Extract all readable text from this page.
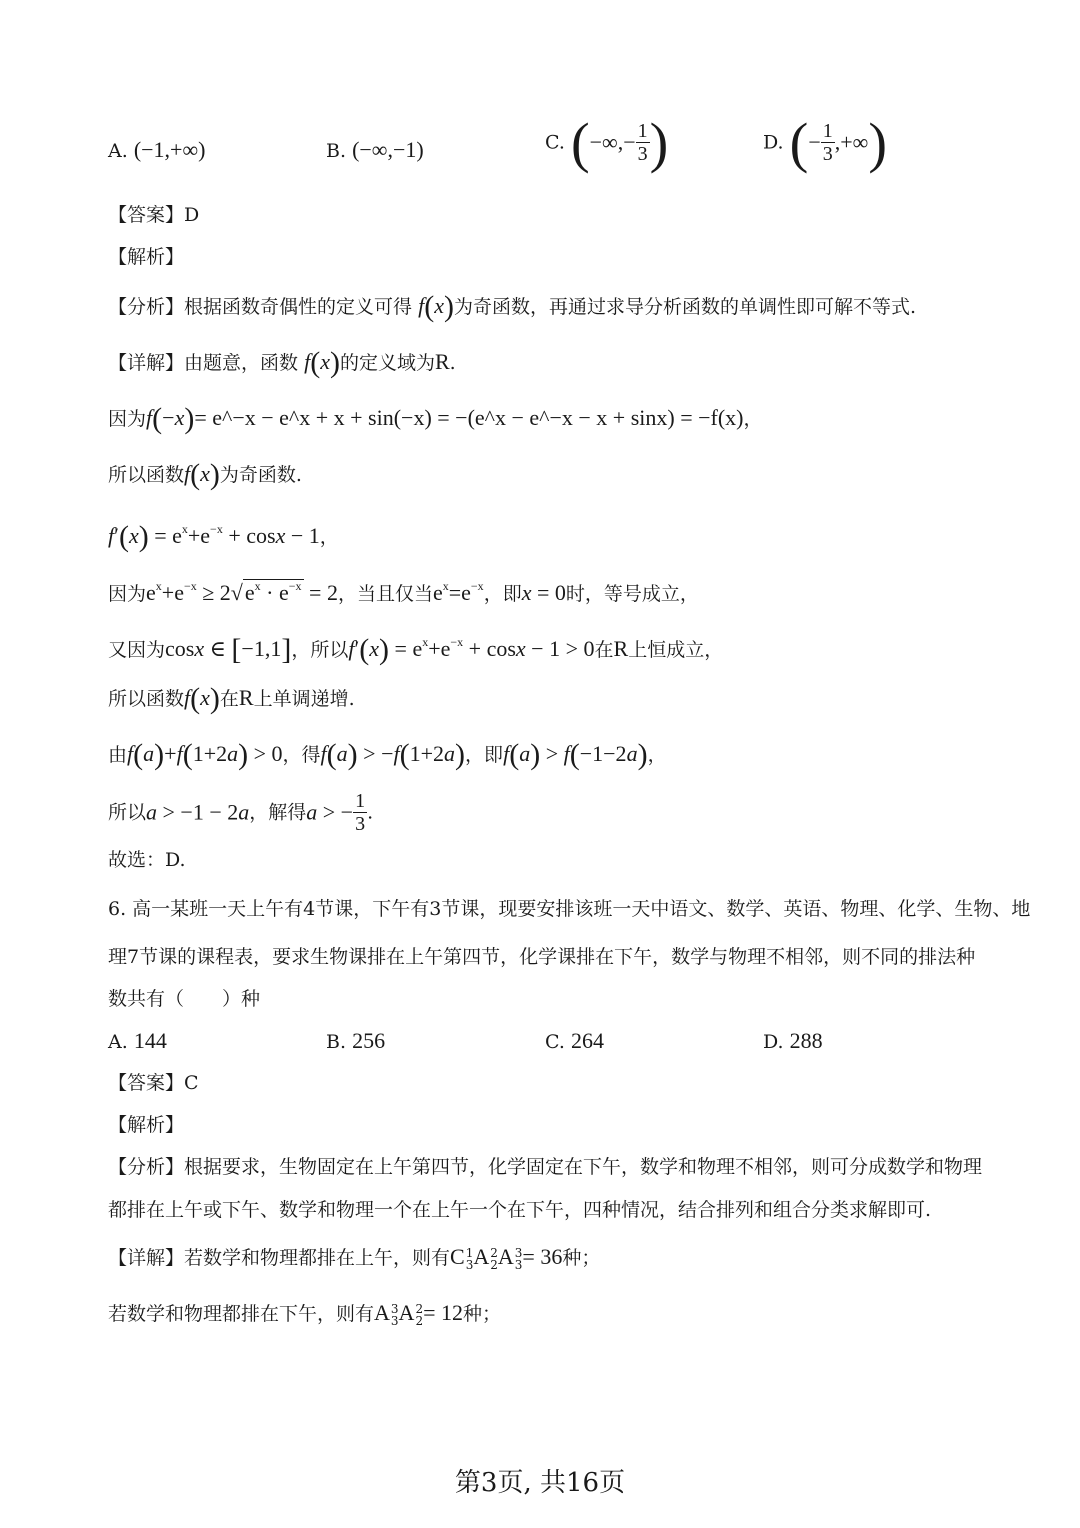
A. (−1,+∞)	B. (−∞,−1)	C. (−∞,− $\frac{1}{3}$ )	D. (− $\frac{1}{3}$ ,+∞)
【答案】D
【解析】
【分析】根据函数奇偶性的定义可得 f(x)为奇函数，再通过求导分析函数的单调性即可解不等式.
【详解】由题意，函数 f(x)的定义域为R.
因为f(−x)= e^−x − e^x + x + sin(−x) = −(e^x − e^−x − x + sinx) = −f(x)，
所以函数f(x)为奇函数.
$f'(x) = e^x+e^{-x} + \cos x - 1$，
因为$e^x+e^{-x} \ge 2√e^x \cdot e^{-x} = 2$，当且仅当$e^x=e^{-x}$，即x = 0时，等号成立，
又因为cosx ∈ [−1,1]，所以$f'(x) = e^x+e^{-x} + \cos x - 1 > 0$在R上恒成立，
所以函数f(x)在R上单调递增.
由f(a)+f(1+2a) > 0，得f(a) > −f(1+2a)，即f(a) > f(−1−2a)，
所以a > −1 − 2a，解得a > − $\frac{1}{3}$ .
故选：D.
6. 高一某班一天上午有4节课，下午有3节课，现要安排该班一天中语文、数学、英语、物理、化学、生物、地
理7节课的课程表，要求生物课排在上午第四节，化学课排在下午，数学与物理不相邻，则不同的排法种
数共有（　　）种
A. 144	B. 256	C. 264	D. 288
【答案】C
【解析】
【分析】根据要求，生物固定在上午第四节，化学固定在下午，数学和物理不相邻，则可分成数学和物理
都排在上午或下午、数学和物理一个在上午一个在下午，四种情况，结合排列和组合分类求解即可.
【详解】若数学和物理都排在上午，则有C 1
3 A 2
2 A 3
3 = 36种；
若数学和物理都排在下午，则有A 3
3 A 2
2 = 12种；
第3页, 共16页
